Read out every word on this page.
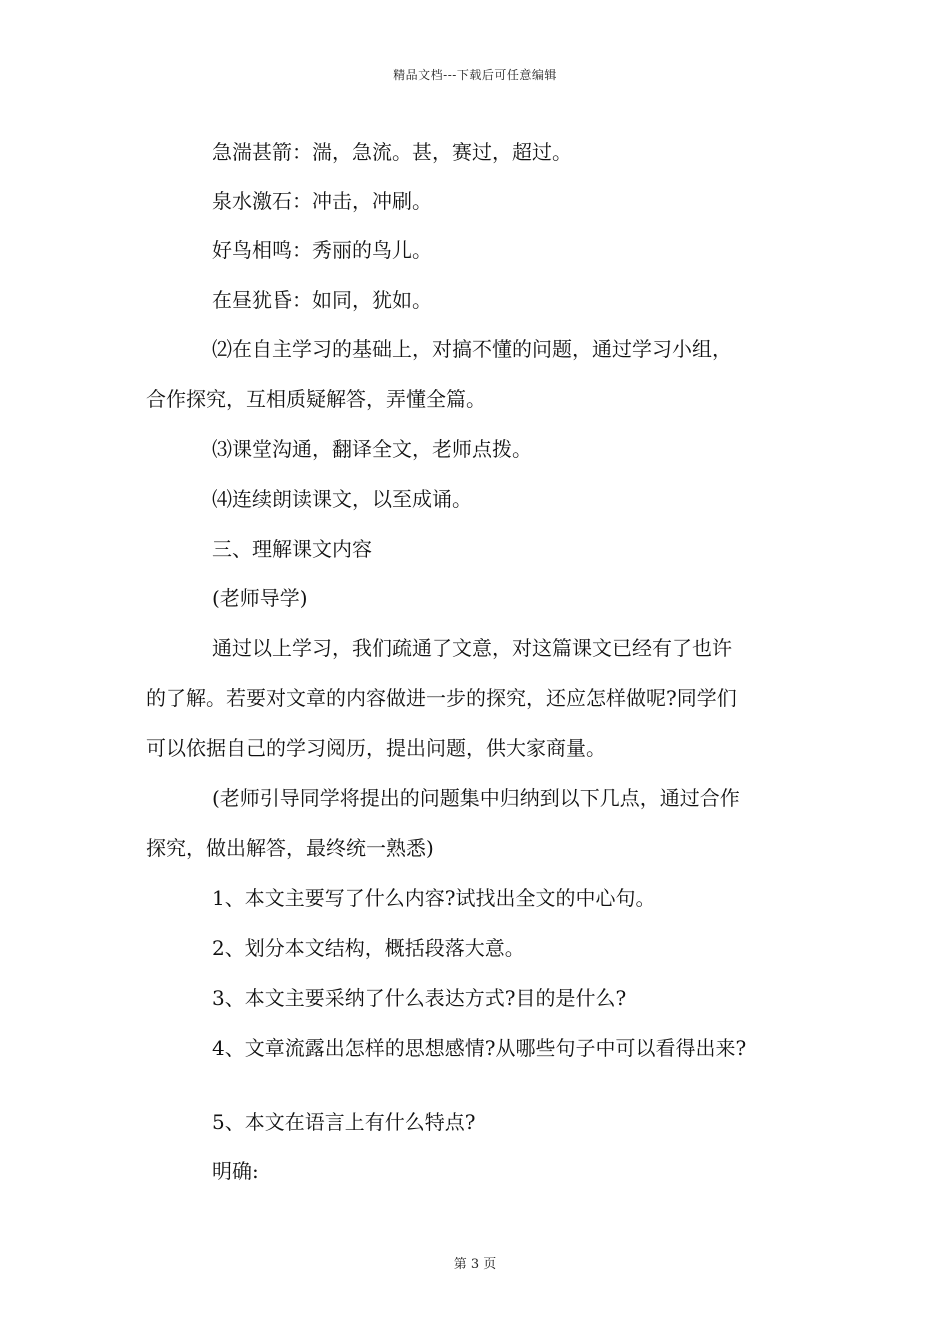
精品文档---下载后可任意编辑
急湍甚箭：湍，急流。甚，赛过，超过。
泉水激石：冲击，冲刷。
好鸟相鸣：秀丽的鸟儿。
在昼犹昏：如同，犹如。
⑵在自主学习的基础上，对搞不懂的问题，通过学习小组，
合作探究，互相质疑解答，弄懂全篇。
⑶课堂沟通，翻译全文，老师点拨。
⑷连续朗读课文，以至成诵。
三、理解课文内容
(老师导学)
通过以上学习，我们疏通了文意，对这篇课文已经有了也许
的了解。若要对文章的内容做进一步的探究，还应怎样做呢?同学们
可以依据自己的学习阅历，提出问题，供大家商量。
(老师引导同学将提出的问题集中归纳到以下几点，通过合作
探究，做出解答，最终统一熟悉)
1、本文主要写了什么内容?试找出全文的中心句。
2、划分本文结构，概括段落大意。
3、本文主要采纳了什么表达方式?目的是什么?
4、文章流露出怎样的思想感情?从哪些句子中可以看得出来?
5、本文在语言上有什么特点?
明确:
第 3 页
